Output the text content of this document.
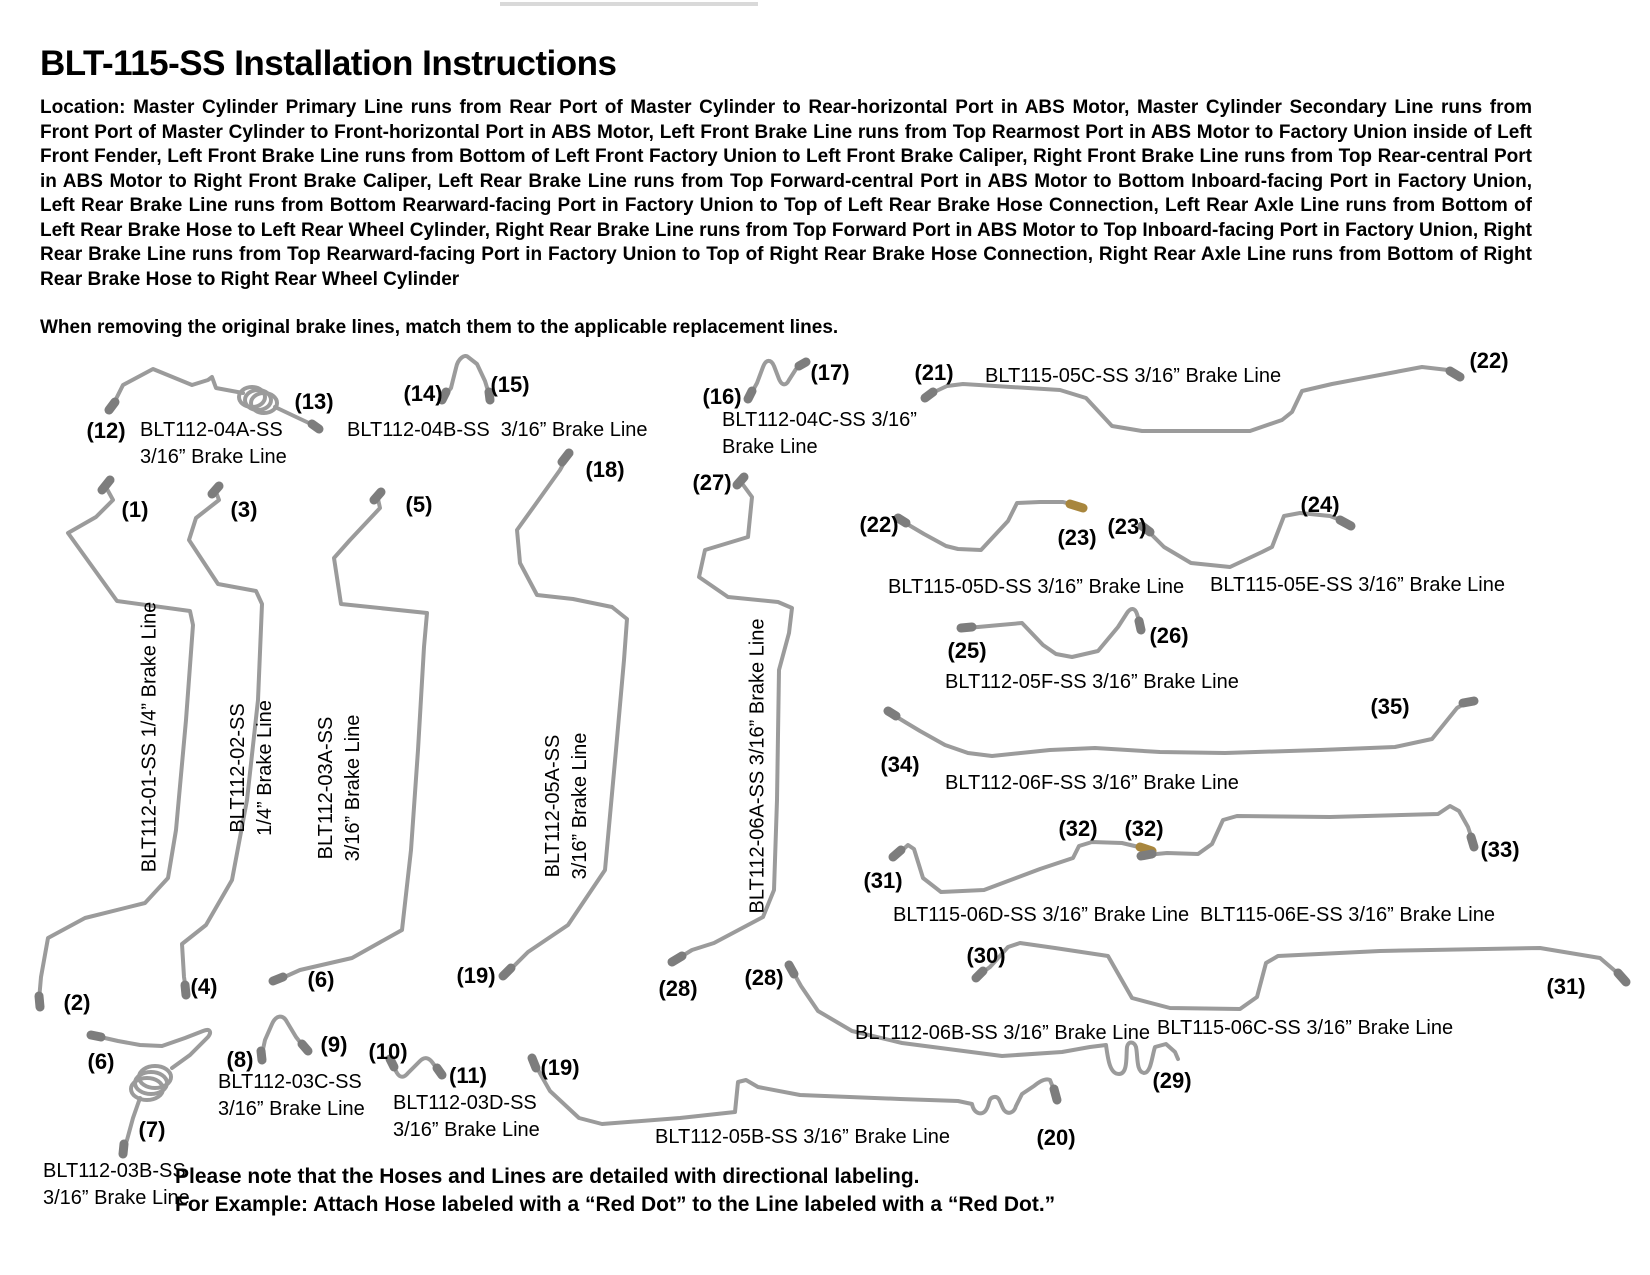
BLT-115-SS Installation Instructions
Location: Master Cylinder Primary Line runs from Rear Port of Master Cylinder to Rear-horizontal Port in ABS Motor, Master Cylinder Secondary Line runs from Front Port of Master Cylinder to Front-horizontal Port in ABS Motor, Left Front Brake Line runs from Top Rearmost Port in ABS Motor to Factory Union inside of Left Front Fender, Left Front Brake Line runs from Bottom of Left Front Factory Union to Left Front Brake Caliper, Right Front Brake Line runs from Top Rear-central Port in ABS Motor to Right Front Brake Caliper, Left Rear Brake Line runs from Top Forward-central Port in ABS Motor to Bottom Inboard-facing Port in Factory Union, Left Rear Brake Line runs from Bottom Rearward-facing Port in Factory Union to Top of Left Rear Brake Hose Connection, Left Rear Axle Line runs from Bottom of Left Rear Brake Hose to Left Rear Wheel Cylinder, Right Rear Brake Line runs from Top Forward Port in ABS Motor to Top Inboard-facing Port in Factory Union, Right Rear Brake Line runs from Top Rearward-facing Port in Factory Union to Top of Right Rear Brake Hose Connection, Right Rear Axle Line runs from Bottom of Right Rear Brake Hose to Right Rear Wheel Cylinder
When removing the original brake lines, match them to the applicable replacement lines.
(12)
(13)	(14) (15)	(16)
(17)	(21)	(22)
(1)	(3)	(5)
(18)
(27)
(22)
(23) (23)
(24)
(25)
(26)
(34)
(35)
(31)
(32) (32)
(33)
(30)
(31)
(2)
(4)	(6)	(19)
(28) (28)
(6)	(8)
(9) (10)
(11) (19)
(7)
(29)
(20)
BLT112-04A-SS
3/16” Brake Line
BLT112-04B-SS  3/16” Brake Line	BLT112-04C-SS 3/16”
Brake Line
BLT115-05C-SS 3/16” Brake Line
BLT115-05D-SS 3/16” Brake Line BLT115-05E-SS 3/16” Brake Line
BLT112-05F-SS 3/16” Brake Line
BLT112-06F-SS 3/16” Brake Line
BLT115-06D-SS 3/16” Brake Line BLT115-06E-SS 3/16” Brake Line
BLT112-06B-SS 3/16” Brake Line BLT115-06C-SS 3/16” Brake Line
BLT112-03C-SS
3/16” Brake Line BLT112-03D-SS
3/16” Brake Line	BLT112-05B-SS 3/16” Brake Line
BLT112-03B-SS
3/16” Brake Line
BLT112-01-SS 1/4” Brake Line	BLT112-02-SS 1/4” Brake Line BLT112-03A-SS 3/16” Brake Line	BLT112-05A-SS 3/16” Brake Line	BLT112-06A-SS 3/16” Brake Line
Please note that the Hoses and Lines are detailed with directional labeling.
For Example: Attach Hose labeled with a “Red Dot” to the Line labeled with a “Red Dot.”
